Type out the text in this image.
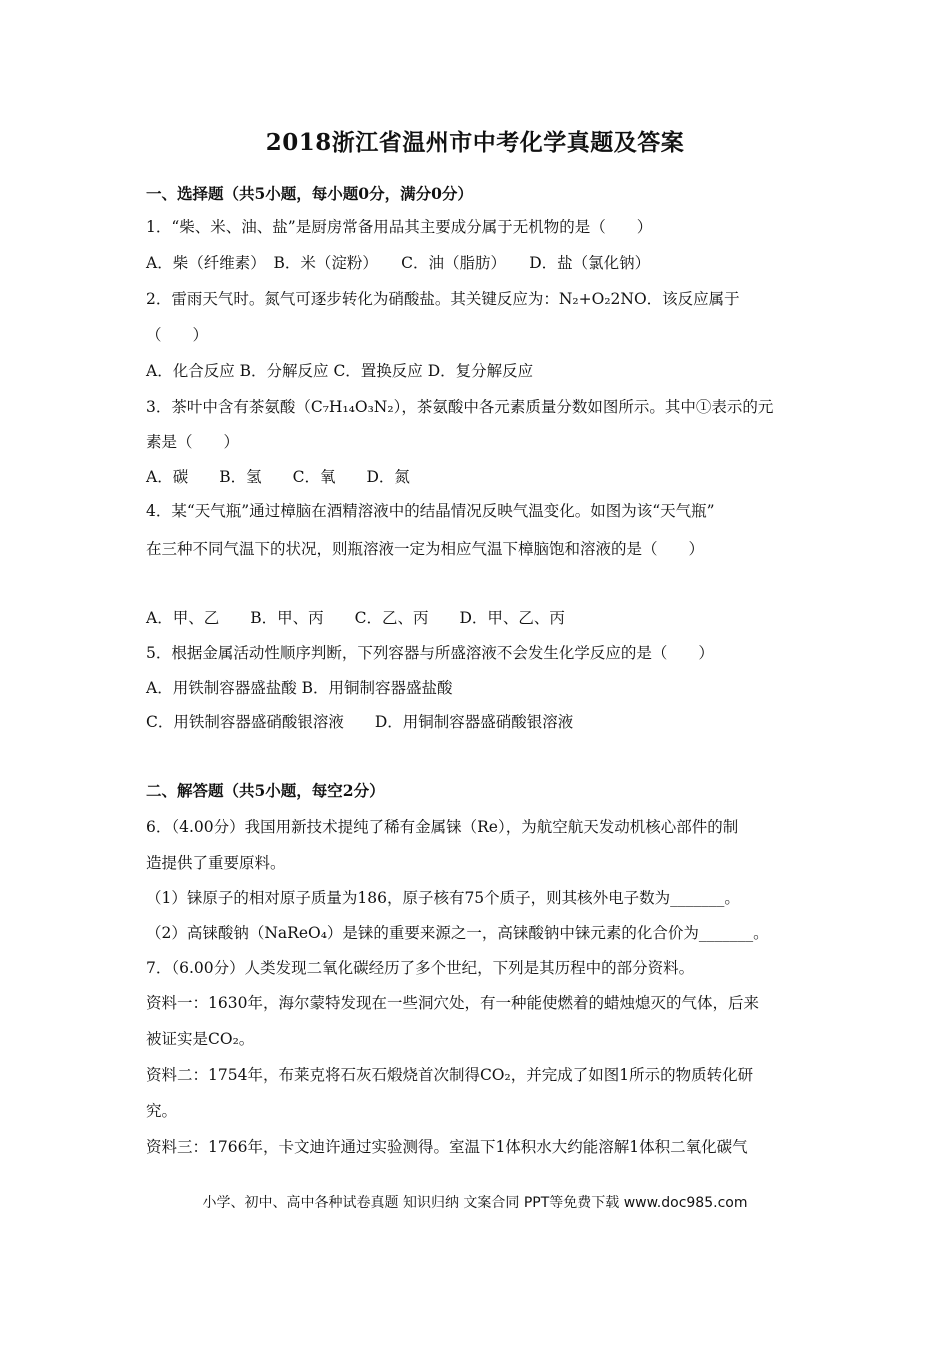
2018浙江省温州市中考化学真题及答案
一、选择题（共5小题，每小题0分，满分0分）
1．“柴、米、油、盐”是厨房常备用品其主要成分属于无机物的是（　　）
A．柴（纤维素）　B．米（淀粉）　　C．油（脂肪）　　D．盐（氯化钠）
2．雷雨天气时。氮气可逐步转化为硝酸盐。其关键反应为：N₂+O₂2NO．该反应属于
（　　）
A．化合反应 B．分解反应 C．置换反应 D．复分解反应
3．茶叶中含有茶氨酸（C₇H₁₄O₃N₂），茶氨酸中各元素质量分数如图所示。其中①表示的元
素是（　　）
A．碳　　B．氢　　C．氧　　D．氮
4．某“天气瓶”通过樟脑在酒精溶液中的结晶情况反映气温变化。如图为该“天气瓶”
在三种不同气温下的状况，则瓶溶液一定为相应气温下樟脑饱和溶液的是（　　）
A．甲、乙　　B．甲、丙　　C．乙、丙　　D．甲、乙、丙
5．根据金属活动性顺序判断，下列容器与所盛溶液不会发生化学反应的是（　　）
A．用铁制容器盛盐酸 B．用铜制容器盛盐酸
C．用铁制容器盛硝酸银溶液　　D．用铜制容器盛硝酸银溶液
二、解答题（共5小题，每空2分）
6．（4.00分）我国用新技术提纯了稀有金属铼（Re），为航空航天发动机核心部件的制
造提供了重要原料。
（1）铼原子的相对原子质量为186，原子核有75个质子，则其核外电子数为_______。
（2）高铼酸钠（NaReO₄）是铼的重要来源之一，高铼酸钠中铼元素的化合价为_______。
7．（6.00分）人类发现二氧化碳经历了多个世纪，下列是其历程中的部分资料。
资料一：1630年，海尔蒙特发现在一些洞穴处，有一种能使燃着的蜡烛熄灭的气体，后来
被证实是CO₂。
资料二：1754年，布莱克将石灰石煅烧首次制得CO₂，并完成了如图1所示的物质转化研
究。
资料三：1766年，卡文迪许通过实验测得。室温下1体积水大约能溶解1体积二氧化碳气
小学、初中、高中各种试卷真题 知识归纳 文案合同 PPT等免费下载 www.doc985.com
